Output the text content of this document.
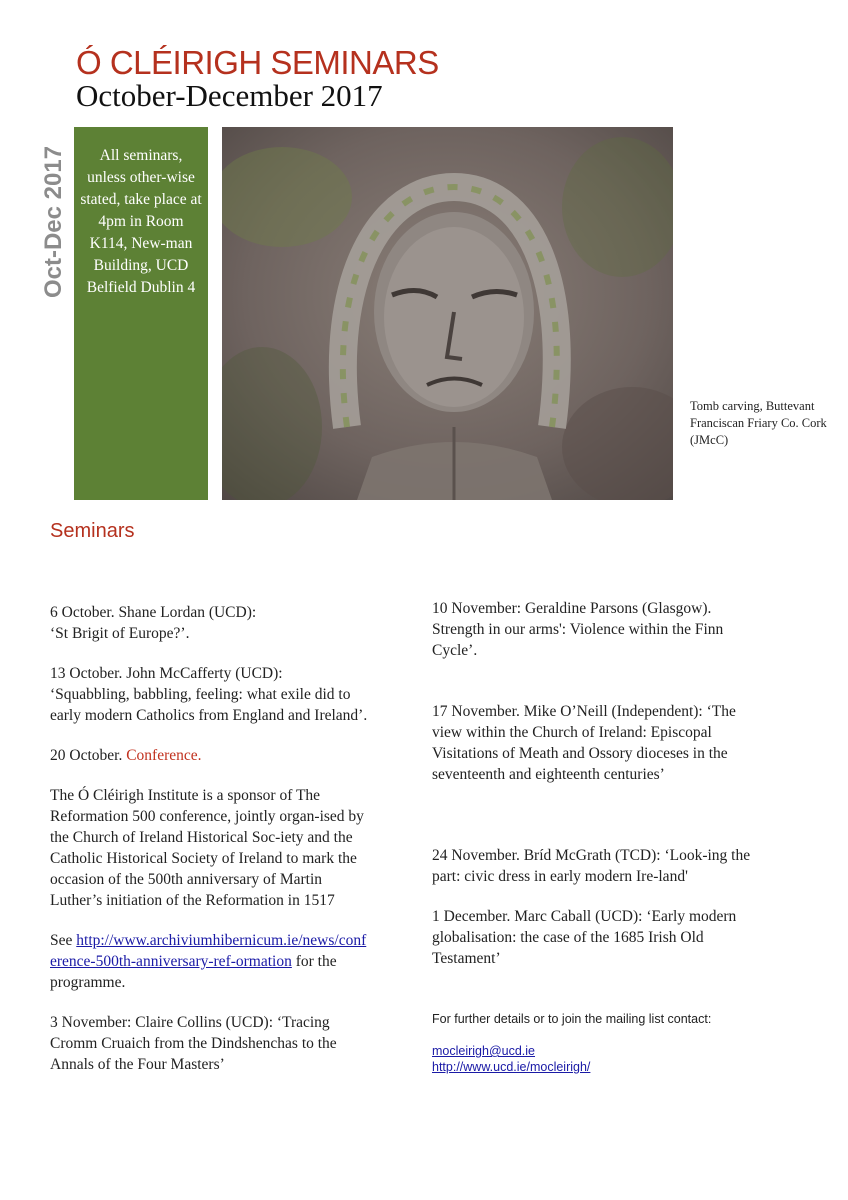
Ó CLÉIRIGH SEMINARS
October-December 2017
Oct-Dec 2017	All seminars, unless other-wise stated, take place at 4pm in Room K114, New-man Building, UCD Belfield Dublin 4

Tomb carving, Buttevant Franciscan Friary Co. Cork (JMcC)
Seminars

6 October. Shane Lordan (UCD):
‘St Brigit of Europe?’.

13 October. John McCafferty (UCD):
‘Squabbling, babbling, feeling: what exile did to early modern Catholics from England and Ireland’.

20 October. Conference.

The Ó Cléirigh Institute is a sponsor of The Reformation 500 conference, jointly organ-ised by the Church of Ireland Historical Soc-iety and the Catholic Historical Society of Ireland to mark the occasion of the 500th anniversary of Martin Luther’s initiation of the Reformation in 1517

See http://www.archiviumhibernicum.ie/news/conference-500th-anniversary-ref-ormation for the programme.

3 November: Claire Collins (UCD): ‘Tracing Cromm Cruaich from the Dindshenchas to the Annals of the Four Masters’

10 November: Geraldine Parsons (Glasgow). Strength in our arms': Violence within the Finn Cycle’.

17 November. Mike O’Neill (Independent): ‘The view within the Church of Ireland: Episcopal Visitations of Meath and Ossory dioceses in the seventeenth and eighteenth centuries’

24 November. Bríd McGrath (TCD): ‘Look-ing the part: civic dress in early modern Ire-land'

1 December. Marc Caball (UCD): ‘Early modern globalisation: the case of the 1685 Irish Old Testament’

For further details or to join the mailing list contact:
mocleirigh@ucd.ie
http://www.ucd.ie/mocleirigh/
